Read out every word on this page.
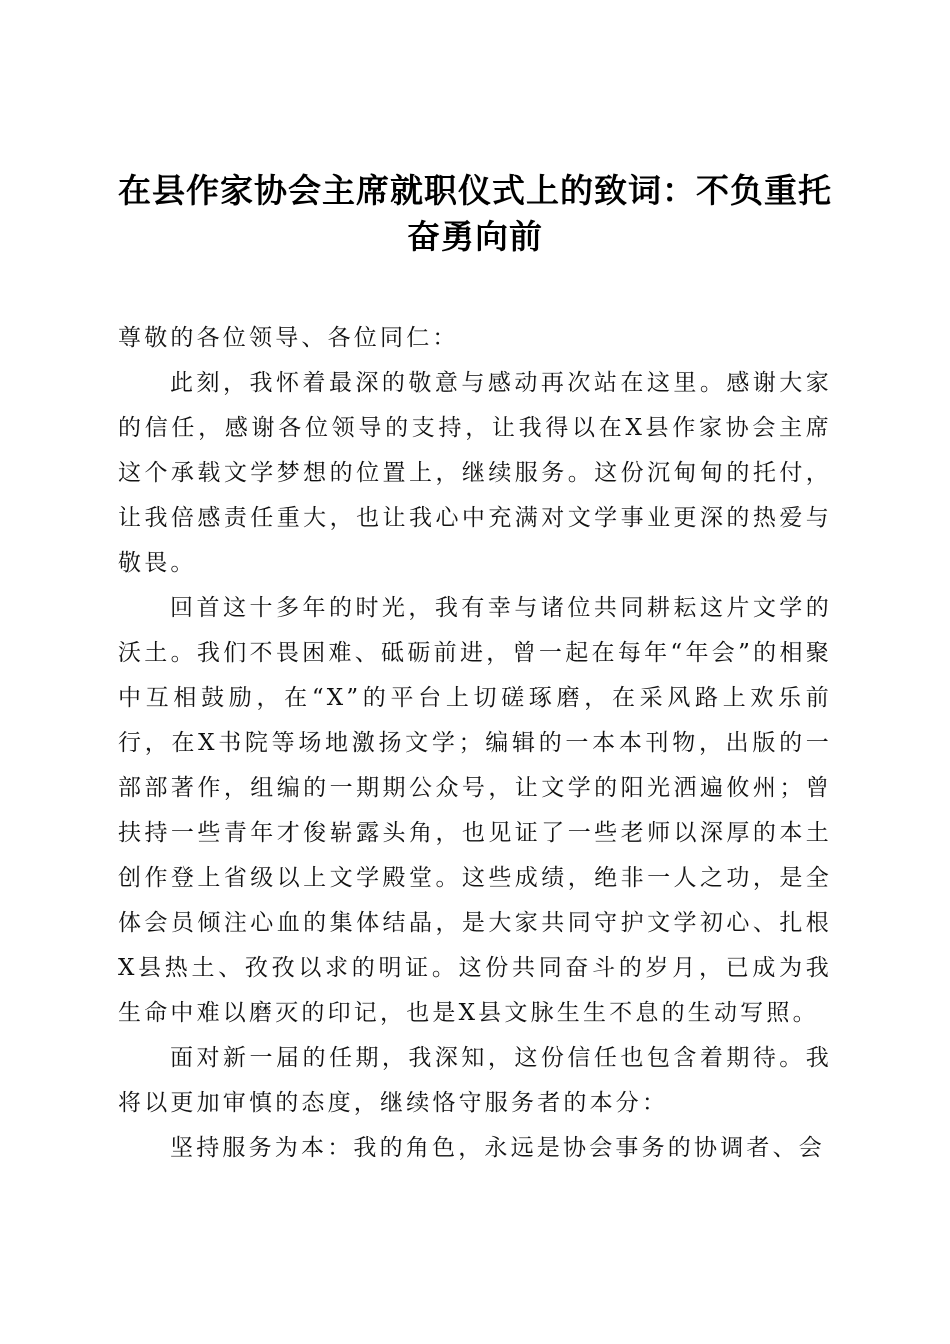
在县作家协会主席就职仪式上的致词：不负重托奋勇向前

尊敬的各位领导、各位同仁：

此刻，我怀着最深的敬意与感动再次站在这里。感谢大家的信任，感谢各位领导的支持，让我得以在X县作家协会主席这个承载文学梦想的位置上，继续服务。这份沉甸甸的托付，让我倍感责任重大，也让我心中充满对文学事业更深的热爱与敬畏。

回首这十多年的时光，我有幸与诸位共同耕耘这片文学的沃土。我们不畏困难、砥砺前进，曾一起在每年“年会”的相聚中互相鼓励，在“X”的平台上切磋琢磨，在采风路上欢乐前行，在X书院等场地激扬文学；编辑的一本本刊物，出版的一部部著作，组编的一期期公众号，让文学的阳光洒遍攸州；曾扶持一些青年才俊崭露头角，也见证了一些老师以深厚的本土创作登上省级以上文学殿堂。这些成绩，绝非一人之功，是全体会员倾注心血的集体结晶，是大家共同守护文学初心、扎根X县热土、孜孜以求的明证。这份共同奋斗的岁月，已成为我生命中难以磨灭的印记，也是X县文脉生生不息的生动写照。

面对新一届的任期，我深知，这份信任也包含着期待。我将以更加审慎的态度，继续恪守服务者的本分：

坚持服务为本：我的角色，永远是协会事务的协调者、会
